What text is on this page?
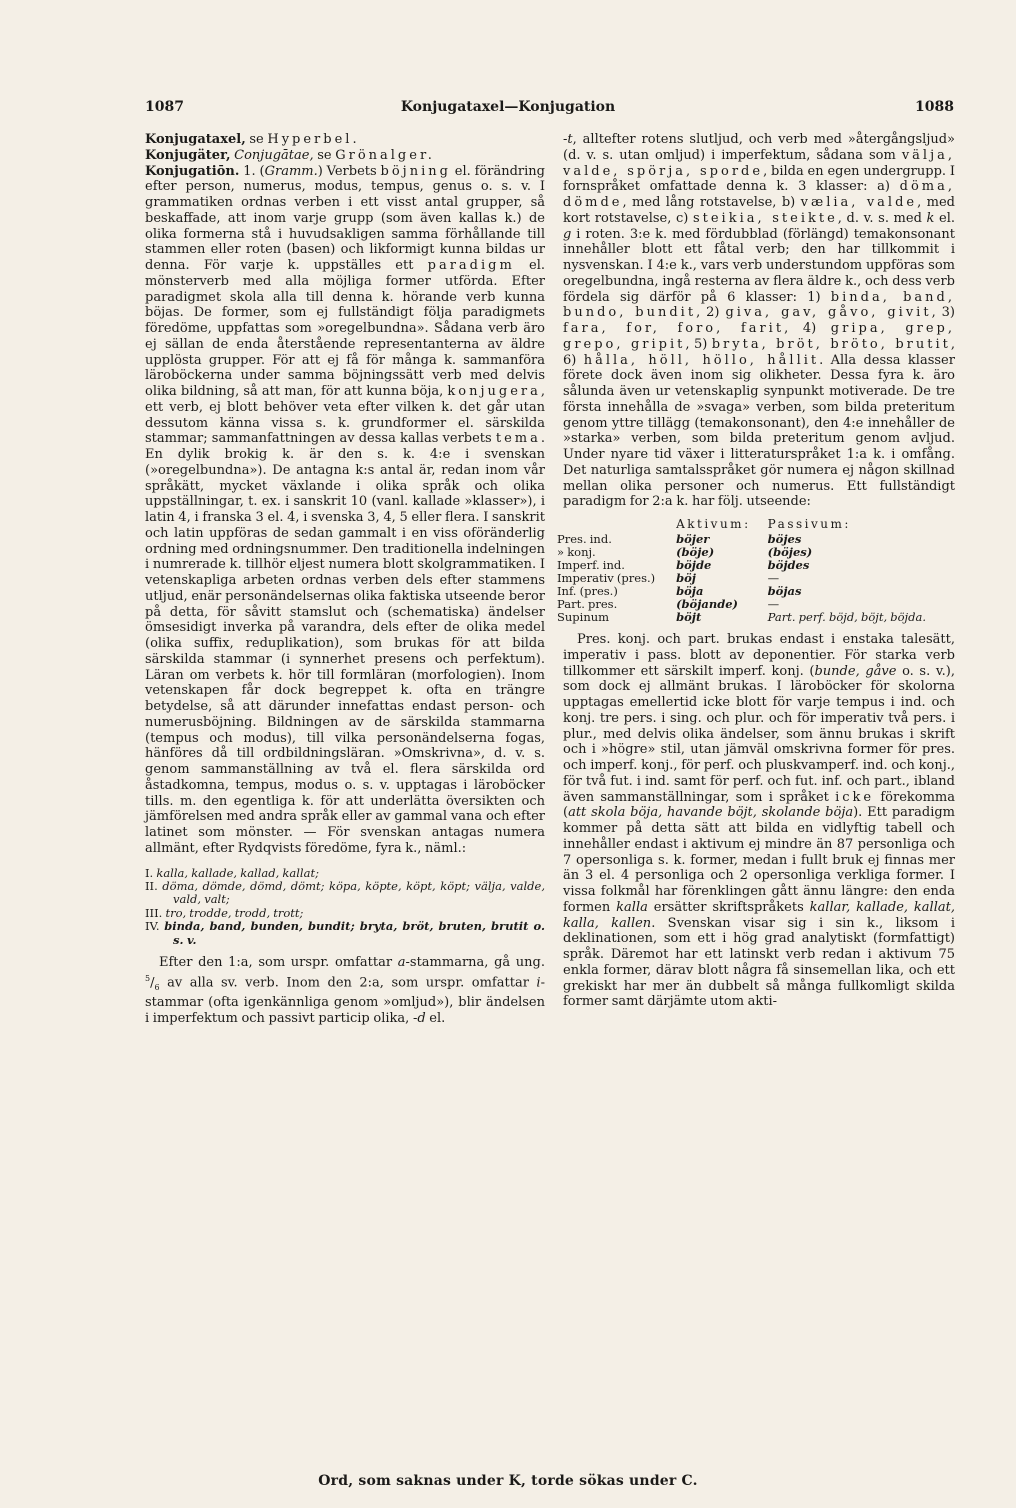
1087	Konjugataxel—Konjugation	1088

Konjugataxel, se Hyperbel.

Konjugäter, Conjugātae, se Grönalger.

Konjugatiōn. 1. (Gramm.) Verbets böjning el. förändring efter person, numerus, modus, tempus, genus o. s. v. I grammatiken ordnas verben i ett visst antal grupper, så beskaffade, att inom varje grupp (som även kallas k.) de olika formerna stå i huvudsakligen samma förhållande till stammen eller roten (basen) och likformigt kunna bildas ur denna. För varje k. uppställes ett paradigm el. mönsterverb med alla möjliga former utförda. Efter paradigmet skola alla till denna k. hörande verb kunna böjas. De former, som ej fullständigt följa paradigmets föredöme, uppfattas som »oregelbundna». Sådana verb äro ej sällan de enda återstående representanterna av äldre upplösta grupper. För att ej få för många k. sammanföra läroböckerna under samma böjningssätt verb med delvis olika bildning, så att man, för att kunna böja, konjugera, ett verb, ej blott behöver veta efter vilken k. det går utan dessutom känna vissa s. k. grundformer el. särskilda stammar; sammanfattningen av dessa kallas verbets tema. En dylik brokig k. är den s. k. 4:e i svenskan (»oregelbundna»). De antagna k:s antal är, redan inom vår språkätt, mycket växlande i olika språk och olika uppställningar, t. ex. i sanskrit 10 (vanl. kallade »klasser»), i latin 4, i franska 3 el. 4, i svenska 3, 4, 5 eller flera. I sanskrit och latin uppföras de sedan gammalt i en viss oföränderlig ordning med ordningsnummer. Den traditionella indelningen i numrerade k. tillhör eljest numera blott skolgrammatiken. I vetenskapliga arbeten ordnas verben dels efter stammens utljud, enär personändelsernas olika faktiska utseende beror på detta, för såvitt stamslut och (schematiska) ändelser ömsesidigt inverka på varandra, dels efter de olika medel (olika suffix, reduplikation), som brukas för att bilda särskilda stammar (i synnerhet presens och perfektum). Läran om verbets k. hör till formläran (morfologien). Inom vetenskapen får dock begreppet k. ofta en trängre betydelse, så att därunder innefattas endast person- och numerusböjning. Bildningen av de särskilda stammarna (tempus och modus), till vilka personändelserna fogas, hänföres då till ordbildningsläran. »Omskrivna», d. v. s. genom sammanställning av två el. flera särskilda ord åstadkomna, tempus, modus o. s. v. upptagas i läroböcker tills. m. den egentliga k. för att underlätta översikten och jämförelsen med andra språk eller av gammal vana och efter latinet som mönster. — För svenskan antagas numera allmänt, efter Rydqvists föredöme, fyra k., näml.:

I. kalla, kallade, kallad, kallat;
II. döma, dömde, dömd, dömt; köpa, köpte, köpt, köpt; välja, valde, vald, valt;
III. tro, trodde, trodd, trott;
IV. binda, band, bunden, bundit; bryta, bröt, bruten, brutit o. s. v.

Efter den 1:a, som urspr. omfattar a-stammarna, gå ung. $^5/_6$ av alla sv. verb. Inom den 2:a, som urspr. omfattar i-stammar (ofta igenkännliga genom »omljud»), blir ändelsen i imperfektum och passivt particip olika, -d el.

-t, alltefter rotens slutljud, och verb med »återgångsljud» (d. v. s. utan omljud) i imperfektum, sådana som välja, valde, spörja, sporde, bilda en egen undergrupp. I fornspråket omfattade denna k. 3 klasser: a) döma, dömde, med lång rotstavelse, b) vælia, valde, med kort rotstavelse, c) steikia, steikte, d. v. s. med k el. g i roten. 3:e k. med fördubblad (förlängd) temakonsonant innehåller blott ett fåtal verb; den har tillkommit i nysvenskan. I 4:e k., vars verb understundom uppföras som oregelbundna, ingå resterna av flera äldre k., och dess verb fördela sig därför på 6 klasser: 1) binda, band, bundo, bundit, 2) giva, gav, gåvo, givit, 3) fara, for, foro, farit, 4) gripa, grep, grepo, gripit, 5) bryta, bröt, bröto, brutit, 6) hålla, höll, höllo, hållit. Alla dessa klasser förete dock även inom sig olikheter. Dessa fyra k. äro sålunda även ur vetenskaplig synpunkt motiverade. De tre första innehålla de »svaga» verben, som bilda preteritum genom yttre tillägg (temakonsonant), den 4:e innehåller de »starka» verben, som bilda preteritum genom avljud. Under nyare tid växer i litteraturspråket 1:a k. i omfång. Det naturliga samtalsspråket gör numera ej någon skillnad mellan olika personer och numerus. Ett fullständigt paradigm for 2:a k. har följ. utseende:

	Aktivum:	Passivum:
Pres. ind.	böjer	böjes
» konj.	(böje)	(böjes)
Imperf. ind.	böjde	böjdes
Imperativ (pres.)	böj	—
Inf. (pres.)	böja	böjas
Part. pres.	(böjande)	—
Supinum	böjt	Part. perf. böjd, böjt, böjda.

Pres. konj. och part. brukas endast i enstaka talesätt, imperativ i pass. blott av deponentier. För starka verb tillkommer ett särskilt imperf. konj. (bunde, gåve o. s. v.), som dock ej allmänt brukas. I läroböcker för skolorna upptagas emellertid icke blott för varje tempus i ind. och konj. tre pers. i sing. och plur. och för imperativ två pers. i plur., med delvis olika ändelser, som ännu brukas i skrift och i »högre» stil, utan jämväl omskrivna former för pres. och imperf. konj., för perf. och pluskvamperf. ind. och konj., för två fut. i ind. samt för perf. och fut. inf. och part., ibland även sammanställningar, som i språket icke förekomma (att skola böja, havande böjt, skolande böja). Ett paradigm kommer på detta sätt att bilda en vidlyftig tabell och innehåller endast i aktivum ej mindre än 87 personliga och 7 opersonliga s. k. former, medan i fullt bruk ej finnas mer än 3 el. 4 personliga och 2 opersonliga verkliga former. I vissa folkmål har förenklingen gått ännu längre: den enda formen kalla ersätter skriftspråkets kallar, kallade, kallat, kalla, kallen. Svenskan visar sig i sin k., liksom i deklinationen, som ett i hög grad analytiskt (formfattigt) språk. Däremot har ett latinskt verb redan i aktivum 75 enkla former, därav blott några få sinsemellan lika, och ett grekiskt har mer än dubbelt så många fullkomligt skilda former samt därjämte utom akti-

Ord, som saknas under K, torde sökas under C.
